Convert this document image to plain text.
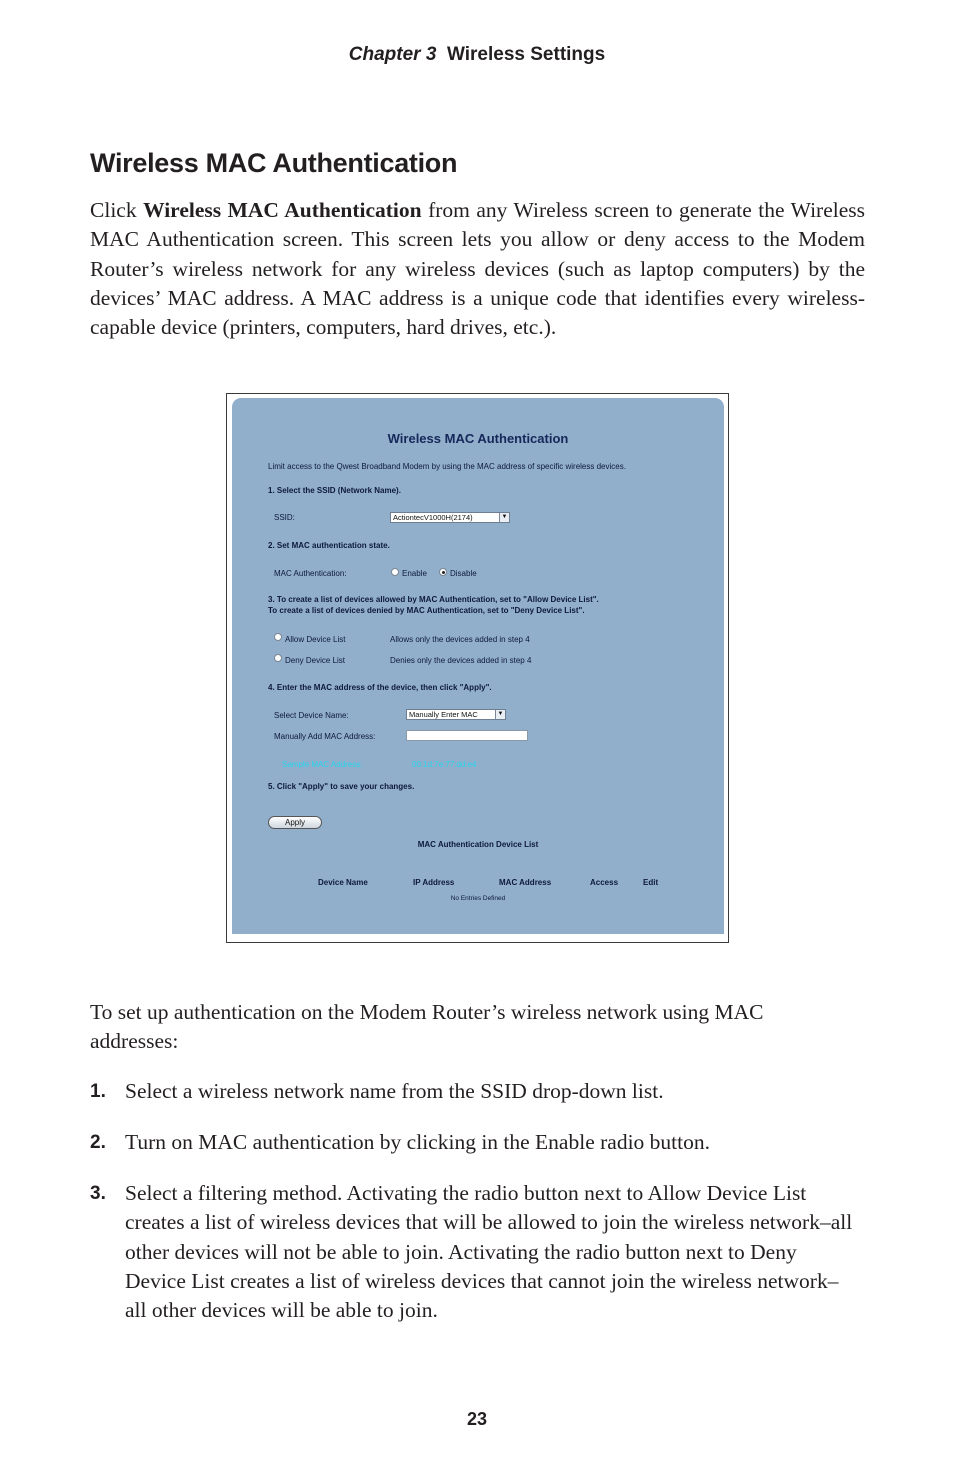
Chapter 3 Wireless Settings
Wireless MAC Authentication

Click Wireless MAC Authentication from any Wireless screen to generate the Wireless MAC Authentication screen. This screen lets you allow or deny access to the Modem Router’s wireless network for any wireless devices (such as laptop computers) by the devices’ MAC address. A MAC address is a unique code that identifies every wireless-capable device (printers, computers, hard drives, etc.).

Wireless MAC Authentication
Limit access to the Qwest Broadband Modem by using the MAC address of specific wireless devices.
1. Select the SSID (Network Name).
SSID:	ActiontecV1000H(2174)	▼
2. Set MAC authentication state.
MAC Authentication:	Enable	Disable
3. To create a list of devices allowed by MAC Authentication, set to "Allow Device List".
To create a list of devices denied by MAC Authentication, set to "Deny Device List".
Allow Device List	Allows only the devices added in step 4
Deny Device List	Denies only the devices added in step 4
4. Enter the MAC address of the device, then click "Apply".
Select Device Name:	Manually Enter MAC	▼
Manually Add MAC Address:
Sample MAC Address:	00:1d:7e:77:dd:e4
5. Click "Apply" to save your changes.
Apply
MAC Authentication Device List
Device Name	IP Address	MAC Address	Access	Edit
No Entries Defined

To set up authentication on the Modem Router’s wireless network using MAC addresses:

1. Select a wireless network name from the SSID drop-down list.
2. Turn on MAC authentication by clicking in the Enable radio button.
3. Select a filtering method. Activating the radio button next to Allow Device List creates a list of wireless devices that will be allowed to join the wireless network–all other devices will not be able to join. Activating the radio button next to Deny Device List creates a list of wireless devices that cannot join the wireless network–all other devices will be able to join.
23
